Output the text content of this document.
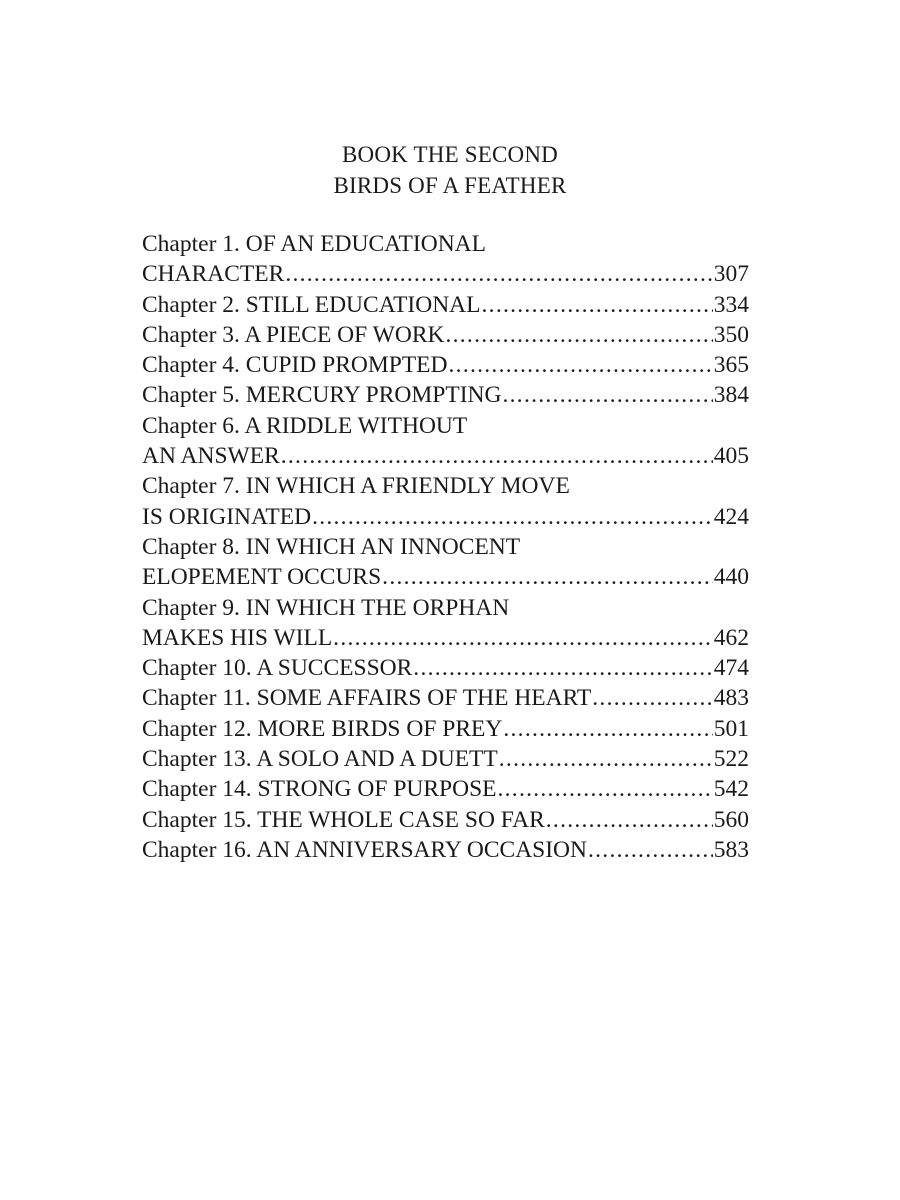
BOOK THE SECOND
BIRDS OF A FEATHER
Chapter 1. OF AN EDUCATIONAL
CHARACTER . . .	307
Chapter 2. STILL EDUCATIONAL . . .	334
Chapter 3. A PIECE OF WORK . . .	350
Chapter 4. CUPID PROMPTED . . .	365
Chapter 5. MERCURY PROMPTING . . .	384
Chapter 6. A RIDDLE WITHOUT
AN ANSWER . . .	405
Chapter 7. IN WHICH A FRIENDLY MOVE
IS ORIGINATED . . .	424
Chapter 8. IN WHICH AN INNOCENT
ELOPEMENT OCCURS . . .	440
Chapter 9. IN WHICH THE ORPHAN
MAKES HIS WILL . . .	462
Chapter 10. A SUCCESSOR . . .	474
Chapter 11. SOME AFFAIRS OF THE HEART . . .	483
Chapter 12. MORE BIRDS OF PREY . . .	501
Chapter 13. A SOLO AND A DUETT . . .	522
Chapter 14. STRONG OF PURPOSE . . .	542
Chapter 15. THE WHOLE CASE SO FAR . . .	560
Chapter 16. AN ANNIVERSARY OCCASION . . .	583
